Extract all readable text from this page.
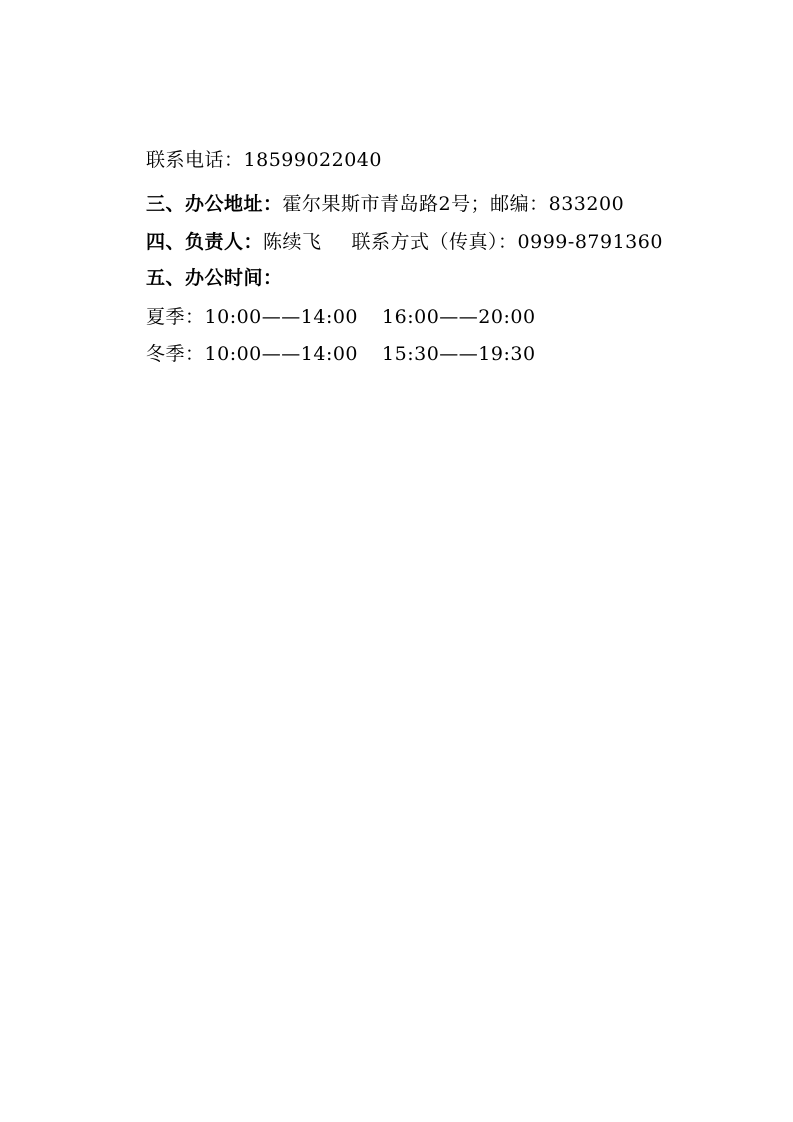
联系电话：18599022040
三、办公地址：霍尔果斯市青岛路2号；邮编：833200
四、负责人：陈续飞 联系方式（传真）：0999-8791360
五、办公时间：
夏季：10:00——14:00 16:00——20:00
冬季：10:00——14:00 15:30——19:30
